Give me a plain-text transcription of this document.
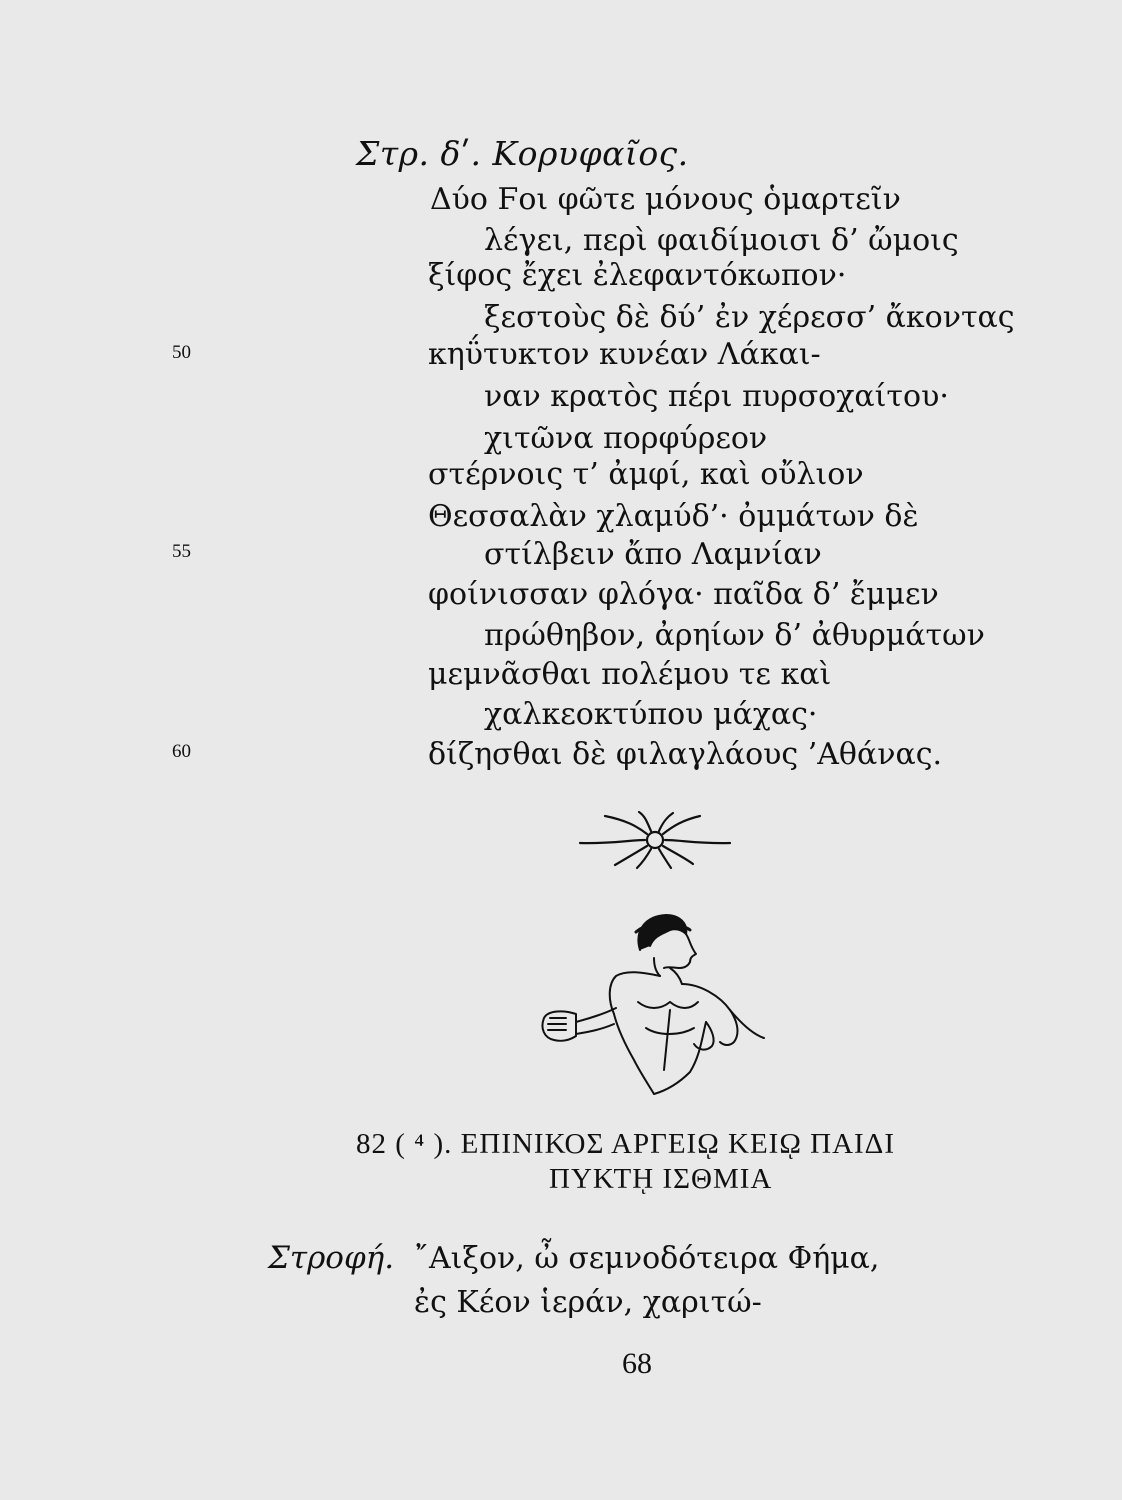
Στρ. δʹ. Κορυφαῖος.
Δύο Ϝοι φῶτε μόνους ὁμαρτεῖν
λέγει, περὶ φαιδίμοισι δ’ ὤμοις
ξίφος ἔχει ἐλεφαντόκωπον·
ξεστοὺς δὲ δύ’ ἐν χέρεσσ’ ἄκοντας
κηΰτυκτον κυνέαν Λάκαι-
ναν κρατὸς πέρι πυρσοχαίτου·
χιτῶνα πορφύρεον
στέρνοις τ’ ἀμφί, καὶ οὔλιον
Θεσσαλὰν χλαμύδ’· ὀμμάτων δὲ
στίλβειν ἄπο Λαμνίαν
φοίνισσαν φλόγα· παῖδα δ’ ἔμμεν
πρώθηβον, ἀρηίων δ’ ἀθυρμάτων
μεμνᾶσθαι πολέμου τε καὶ
χαλκεοκτύπου μάχας·
δίζησθαι δὲ φιλαγλάους ’Αθάνας.
50
55
60
82 ( ⁴ ). ΕΠΙΝΙΚΟΣ ΑΡΓΕΙῼ ΚΕΙῼ ΠΑΙΔΙ
ΠΥΚΤῌ ΙΣΘΜΙΑ
Στροφή. ῎Αιξον, ὦ σεμνοδότειρα Φήμα,
ἐς Κέον ἱεράν, χαριτώ-
68
